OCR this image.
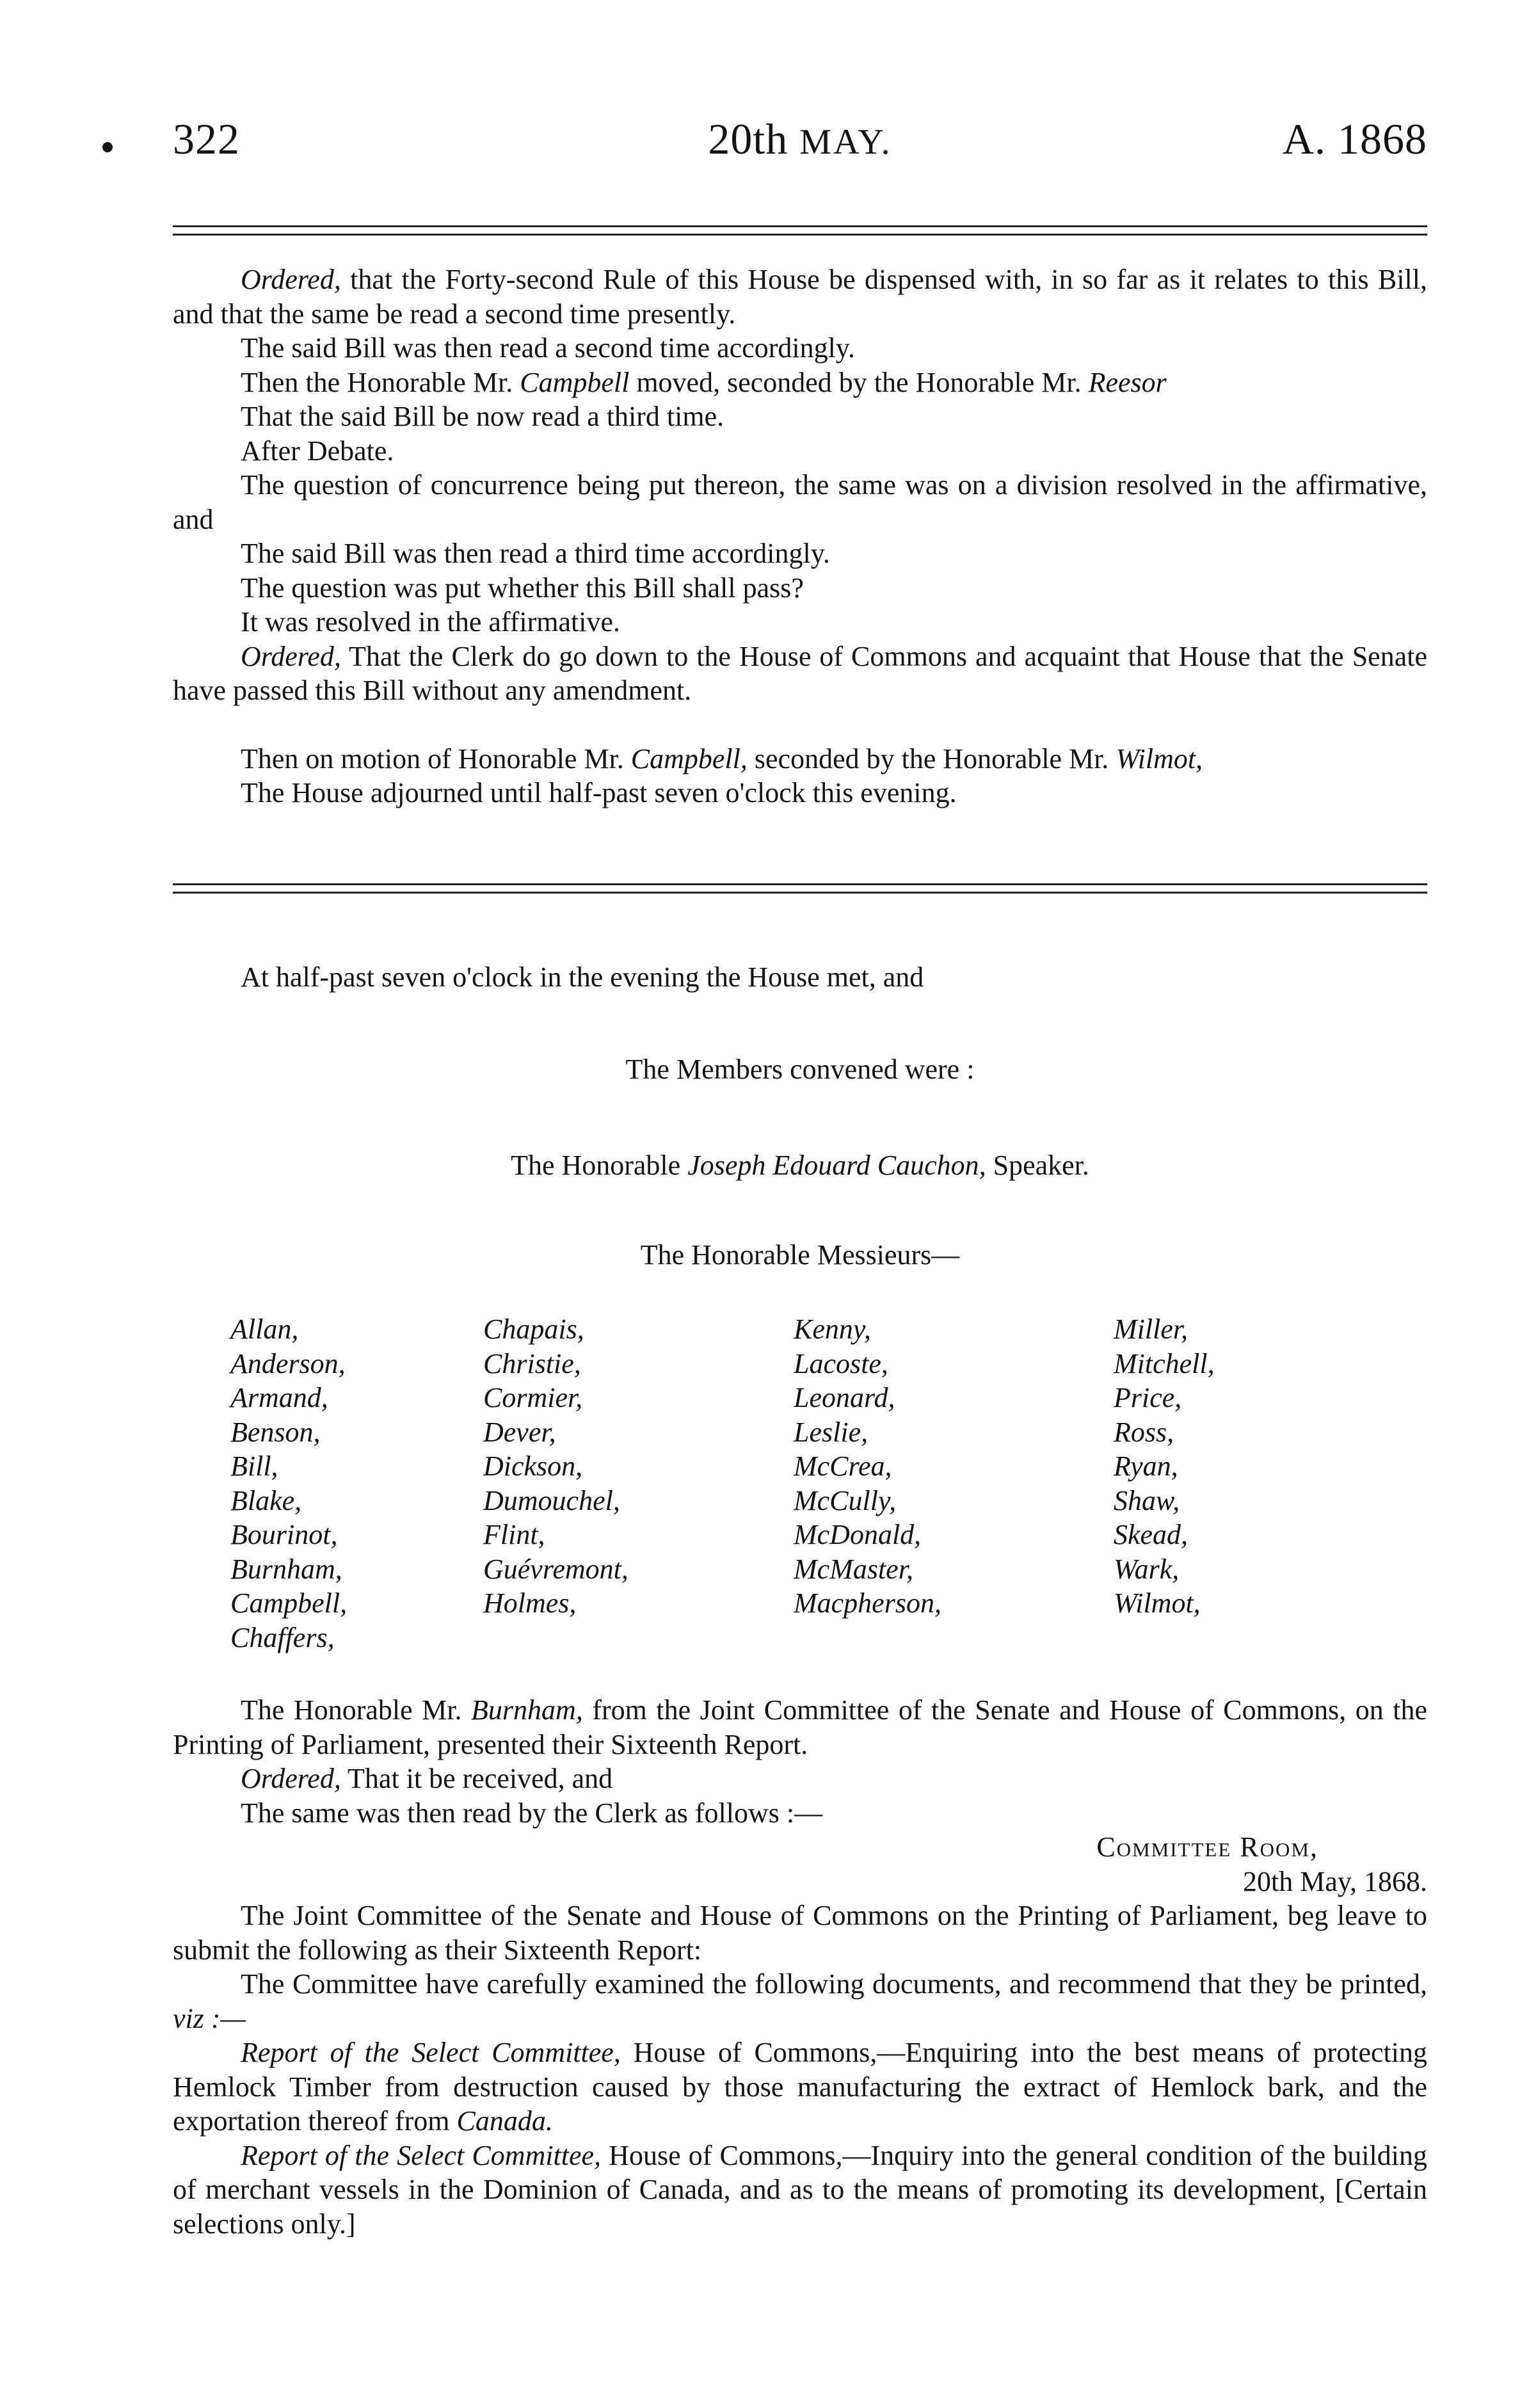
322	20th MAY.	A. 1868

Ordered, that the Forty-second Rule of this House be dispensed with, in so far as it relates to this Bill, and that the same be read a second time presently.

The said Bill was then read a second time accordingly.

Then the Honorable Mr. Campbell moved, seconded by the Honorable Mr. Reesor

That the said Bill be now read a third time.

After Debate.

The question of concurrence being put thereon, the same was on a division resolved in the affirmative, and

The said Bill was then read a third time accordingly.

The question was put whether this Bill shall pass?

It was resolved in the affirmative.

Ordered, That the Clerk do go down to the House of Commons and acquaint that House that the Senate have passed this Bill without any amendment.

Then on motion of Honorable Mr. Campbell, seconded by the Honorable Mr. Wilmot,

The House adjourned until half-past seven o'clock this evening.

At half-past seven o'clock in the evening the House met, and

The Members convened were :
The Honorable Joseph Edouard Cauchon, Speaker.
The Honorable Messieurs—
Allan,
Anderson,
Armand,
Benson,
Bill,
Blake,
Bourinot,
Burnham,
Campbell,
Chaffers,
Chapais,
Christie,
Cormier,
Dever,
Dickson,
Dumouchel,
Flint,
Guévremont,
Holmes,
Kenny,
Lacoste,
Leonard,
Leslie,
McCrea,
McCully,
McDonald,
McMaster,
Macpherson,
Miller,
Mitchell,
Price,
Ross,
Ryan,
Shaw,
Skead,
Wark,
Wilmot,

The Honorable Mr. Burnham, from the Joint Committee of the Senate and House of Commons, on the Printing of Parliament, presented their Sixteenth Report.

Ordered, That it be received, and

The same was then read by the Clerk as follows :—

Committee Room,
20th May, 1868.

The Joint Committee of the Senate and House of Commons on the Printing of Parliament, beg leave to submit the following as their Sixteenth Report:

The Committee have carefully examined the following documents, and recommend that they be printed, viz :—

Report of the Select Committee, House of Commons,—Enquiring into the best means of protecting Hemlock Timber from destruction caused by those manufacturing the extract of Hemlock bark, and the exportation thereof from Canada.

Report of the Select Committee, House of Commons,—Inquiry into the general condition of the building of merchant vessels in the Dominion of Canada, and as to the means of promoting its development, [Certain selections only.]
